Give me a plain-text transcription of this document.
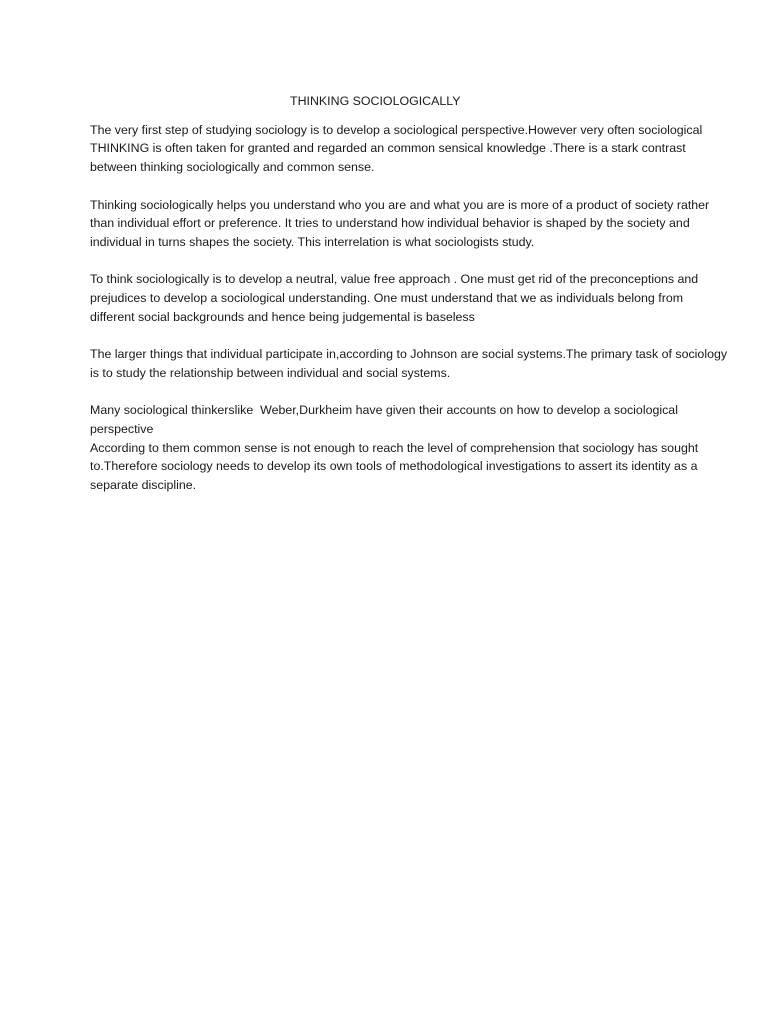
THINKING SOCIOLOGICALLY

The very first step of studying sociology is to develop a sociological perspective.However very often sociological THINKING is often taken for granted and regarded an common sensical knowledge .There is a stark contrast between thinking sociologically and common sense.

Thinking sociologically helps you understand who you are and what you are is more of a product of society rather than individual effort or preference. It tries to understand how individual behavior is shaped by the society and individual in turns shapes the society. This interrelation is what sociologists study.

To think sociologically is to develop a neutral, value free approach . One must get rid of the preconceptions and prejudices to develop a sociological understanding. One must understand that we as individuals belong from different social backgrounds and hence being judgemental is baseless

The larger things that individual participate in,according to Johnson are social systems.The primary task of sociology is to study the relationship between individual and social systems.

Many sociological thinkerslike  Weber,Durkheim have given their accounts on how to develop a sociological perspective

According to them common sense is not enough to reach the level of comprehension that sociology has sought to.Therefore sociology needs to develop its own tools of methodological investigations to assert its identity as a separate discipline.
